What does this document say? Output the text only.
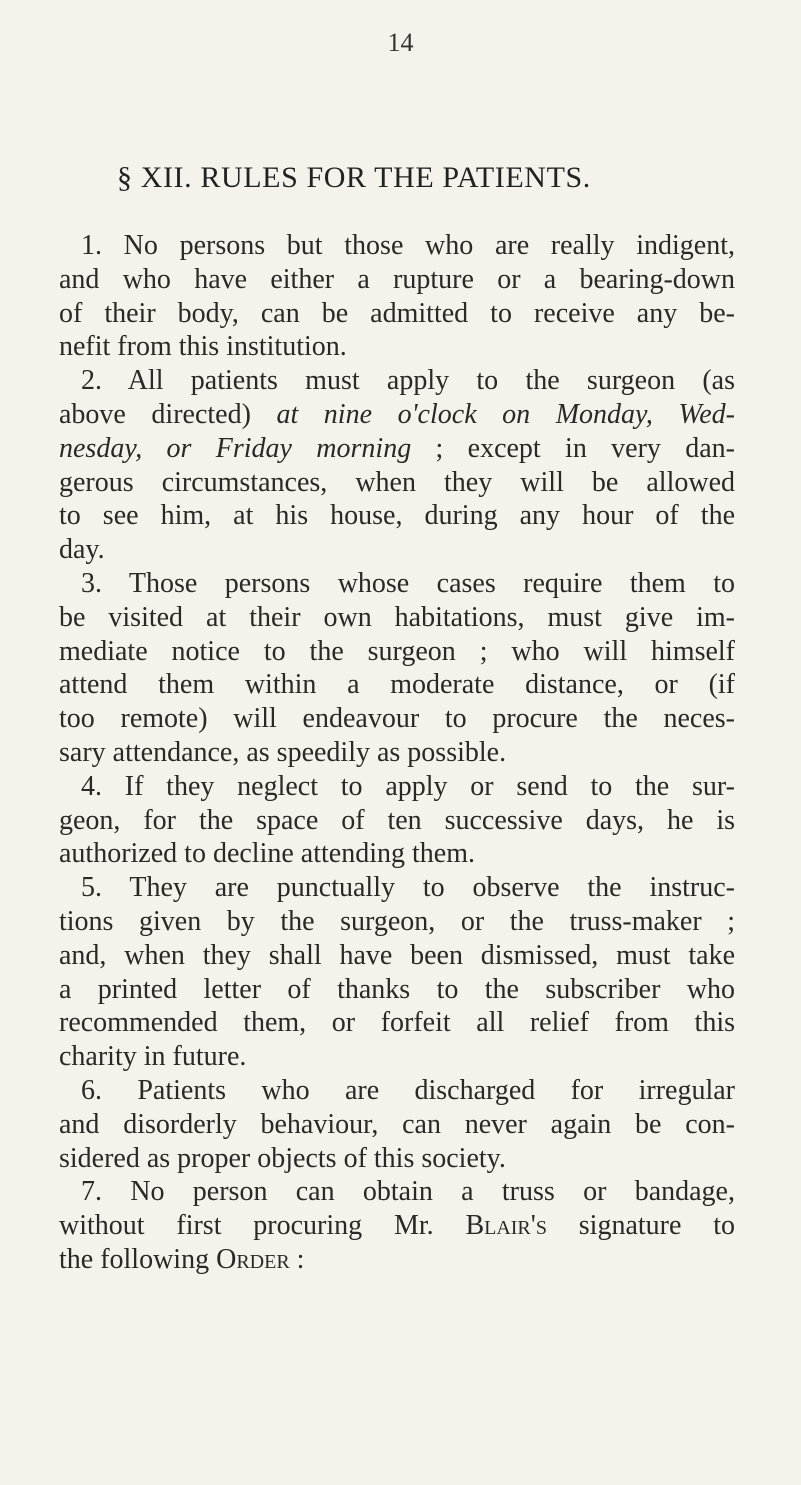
14
§ XII. RULES FOR THE PATIENTS.
1. No persons but those who are really indigent,
and who have either a rupture or a bearing-down
of their body, can be admitted to receive any be-
nefit from this institution.
2. All patients must apply to the surgeon (as
above directed) at nine o'clock on Monday, Wed-
nesday, or Friday morning ; except in very dan-
gerous circumstances, when they will be allowed
to see him, at his house, during any hour of the
day.
3. Those persons whose cases require them to
be visited at their own habitations, must give im-
mediate notice to the surgeon ; who will himself
attend them within a moderate distance, or (if
too remote) will endeavour to procure the neces-
sary attendance, as speedily as possible.
4. If they neglect to apply or send to the sur-
geon, for the space of ten successive days, he is
authorized to decline attending them.
5. They are punctually to observe the instruc-
tions given by the surgeon, or the truss-maker ;
and, when they shall have been dismissed, must take
a printed letter of thanks to the subscriber who
recommended them, or forfeit all relief from this
charity in future.
6. Patients who are discharged for irregular
and disorderly behaviour, can never again be con-
sidered as proper objects of this society.
7. No person can obtain a truss or bandage,
without first procuring Mr. Blair's signature to
the following Order :
